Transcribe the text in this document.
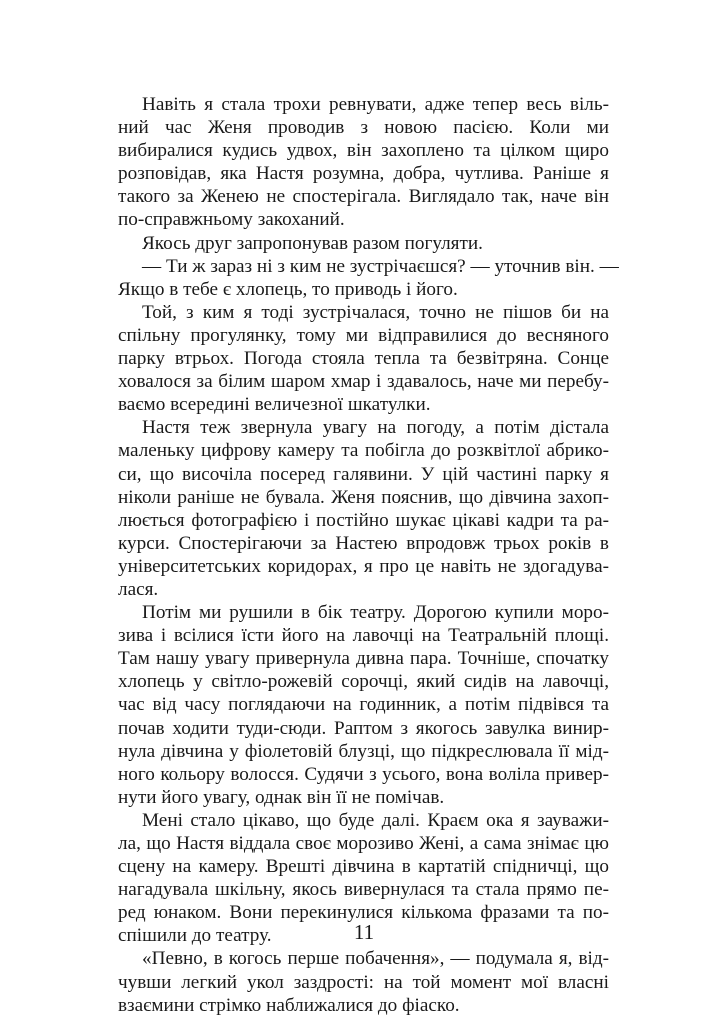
Навіть я стала трохи ревнувати, адже тепер весь віль-
ний час Женя проводив з новою пасією. Коли ми
вибиралися кудись удвох, він захоплено та цілком щиро
розповідав, яка Настя розумна, добра, чутлива. Раніше я
такого за Женею не спостерігала. Виглядало так, наче він
по-справжньому закоханий.
Якось друг запропонував разом погуляти.
— Ти ж зараз ні з ким не зустрічаєшся? — уточнив він. —
Якщо в тебе є хлопець, то приводь і його.
Той, з ким я тоді зустрічалася, точно не пішов би на
спільну прогулянку, тому ми відправилися до весняного
парку втрьох. Погода стояла тепла та безвітряна. Сонце
ховалося за білим шаром хмар і здавалось, наче ми перебу-
ваємо всередині величезної шкатулки.
Настя теж звернула увагу на погоду, а потім дістала
маленьку цифрову камеру та побігла до розквітлої абрико-
си, що височіла посеред галявини. У цій частині парку я
ніколи раніше не бувала. Женя пояснив, що дівчина захоп-
люється фотографією і постійно шукає цікаві кадри та ра-
курси. Спостерігаючи за Настею впродовж трьох років в
університетських коридорах, я про це навіть не здогадува-
лася.
Потім ми рушили в бік театру. Дорогою купили моро-
зива і всілися їсти його на лавочці на Театральній площі.
Там нашу увагу привернула дивна пара. Точніше, спочатку
хлопець у світло-рожевій сорочці, який сидів на лавочці,
час від часу поглядаючи на годинник, а потім підвівся та
почав ходити туди-сюди. Раптом з якогось завулка винир-
нула дівчина у фіолетовій блузці, що підкреслювала її мід-
ного кольору волосся. Судячи з усього, вона воліла привер-
нути його увагу, однак він її не помічав.
Мені стало цікаво, що буде далі. Краєм ока я зауважи-
ла, що Настя віддала своє морозиво Жені, а сама знімає цю
сцену на камеру. Врешті дівчина в картатій спідничці, що
нагадувала шкільну, якось вивернулася та стала прямо пе-
ред юнаком. Вони перекинулися кількома фразами та по-
спішили до театру.
«Певно, в когось перше побачення», — подумала я, від-
чувши легкий укол заздрості: на той момент мої власні
взаємини стрімко наближалися до фіаско.
11
